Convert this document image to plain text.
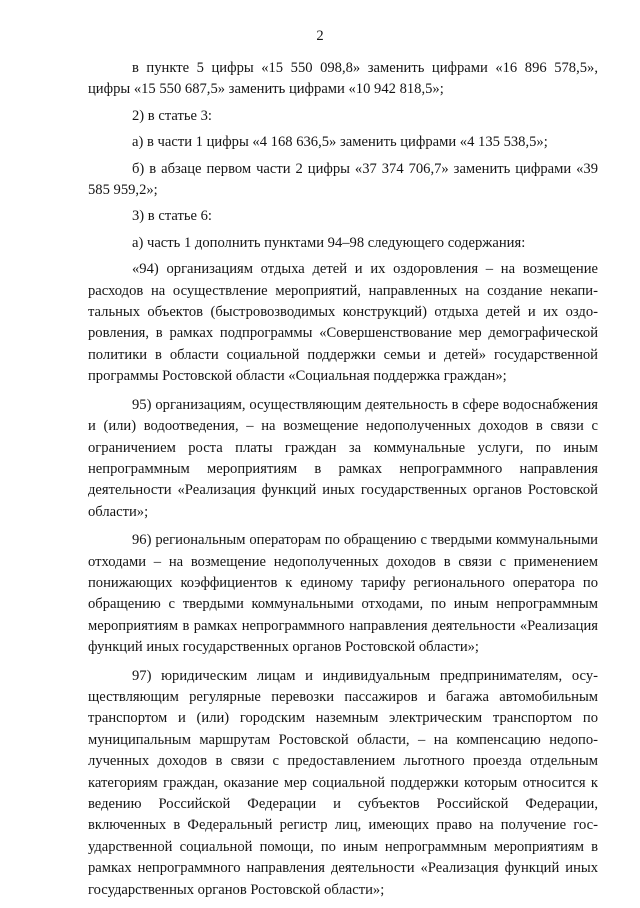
2

в пункте 5 цифры «15 550 098,8» заменить цифрами «16 896 578,5», цифры «15 550 687,5» заменить цифрами «10 942 818,5»;

2) в статье 3:

а) в части 1 цифры «4 168 636,5» заменить цифрами «4 135 538,5»;

б) в абзаце первом части 2 цифры «37 374 706,7» заменить цифрами «39 585 959,2»;

3) в статье 6:

а) часть 1 дополнить пунктами 94–98 следующего содержания:

«94) организациям отдыха детей и их оздоровления – на возмещение расходов на осуществление мероприятий, направленных на создание некапитальных объектов (быстровозводимых конструкций) отдыха детей и их оздоровления, в рамках подпрограммы «Совершенствование мер демографической политики в области социальной поддержки семьи и детей» государственной программы Ростовской области «Социальная поддержка граждан»;

95) организациям, осуществляющим деятельность в сфере водоснабжения и (или) водоотведения, – на возмещение недополученных доходов в связи с ограничением роста платы граждан за коммунальные услуги, по иным непрограммным мероприятиям в рамках непрограммного направления деятельности «Реализация функций иных государственных органов Ростовской области»;

96) региональным операторам по обращению с твердыми коммунальными отходами – на возмещение недополученных доходов в связи с применением понижающих коэффициентов к единому тарифу регионального оператора по обращению с твердыми коммунальными отходами, по иным непрограммным мероприятиям в рамках непрограммного направления деятельности «Реализация функций иных государственных органов Ростовской области»;

97) юридическим лицам и индивидуальным предпринимателям, осуществляющим регулярные перевозки пассажиров и багажа автомобильным транспортом и (или) городским наземным электрическим транспортом по муниципальным маршрутам Ростовской области, – на компенсацию недополученных доходов в связи с предоставлением льготного проезда отдельным категориям граждан, оказание мер социальной поддержки которым относится к ведению Российской Федерации и субъектов Российской Федерации, включенных в Федеральный регистр лиц, имеющих право на получение государственной социальной помощи, по иным непрограммным мероприятиям в рамках непрограммного направления деятельности «Реализация функций иных государственных органов Ростовской области»;
